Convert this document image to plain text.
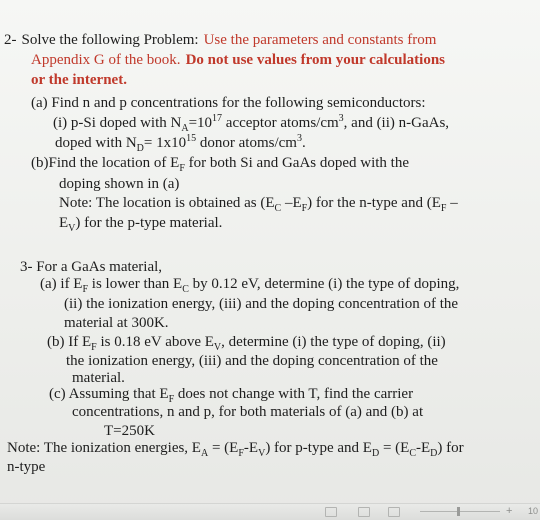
2- Solve the following Problem: Use the parameters and constants from
Appendix G of the book. Do not use values from your calculations
or the internet.
(a) Find n and p concentrations for the following semiconductors:
(i) p-Si doped with $N_A=10^{17}$ acceptor atoms/$cm^3$, and (ii) n-GaAs,
doped with $N_D= 1x10^{15}$ donor atoms/$cm^3$.
(b)Find the location of $E_F$ for both Si and GaAs doped with the
doping shown in (a)
Note: The location is obtained as ($E_C$ $-E_F$) for the n-type and ($E_F$ –
$E_V$) for the p-type material.
3- For a GaAs material,
(a) if $E_F$ is lower than $E_C$ by 0.12 eV, determine (i) the type of doping,
(ii) the ionization energy, (iii) and the doping concentration of the
material at 300K.
(b) If $E_F$ is 0.18 eV above $E_V$, determine (i) the type of doping, (ii)
the ionization energy, (iii) and the doping concentration of the
material.
(c) Assuming that $E_F$ does not change with T, find the carrier
concentrations, n and p, for both materials of (a) and (b) at
T=250K
Note: The ionization energies, $E_A = (E_F-E_V)$ for p-type and $E_D = (E_C-E_D)$ for
n-type
+ 10
